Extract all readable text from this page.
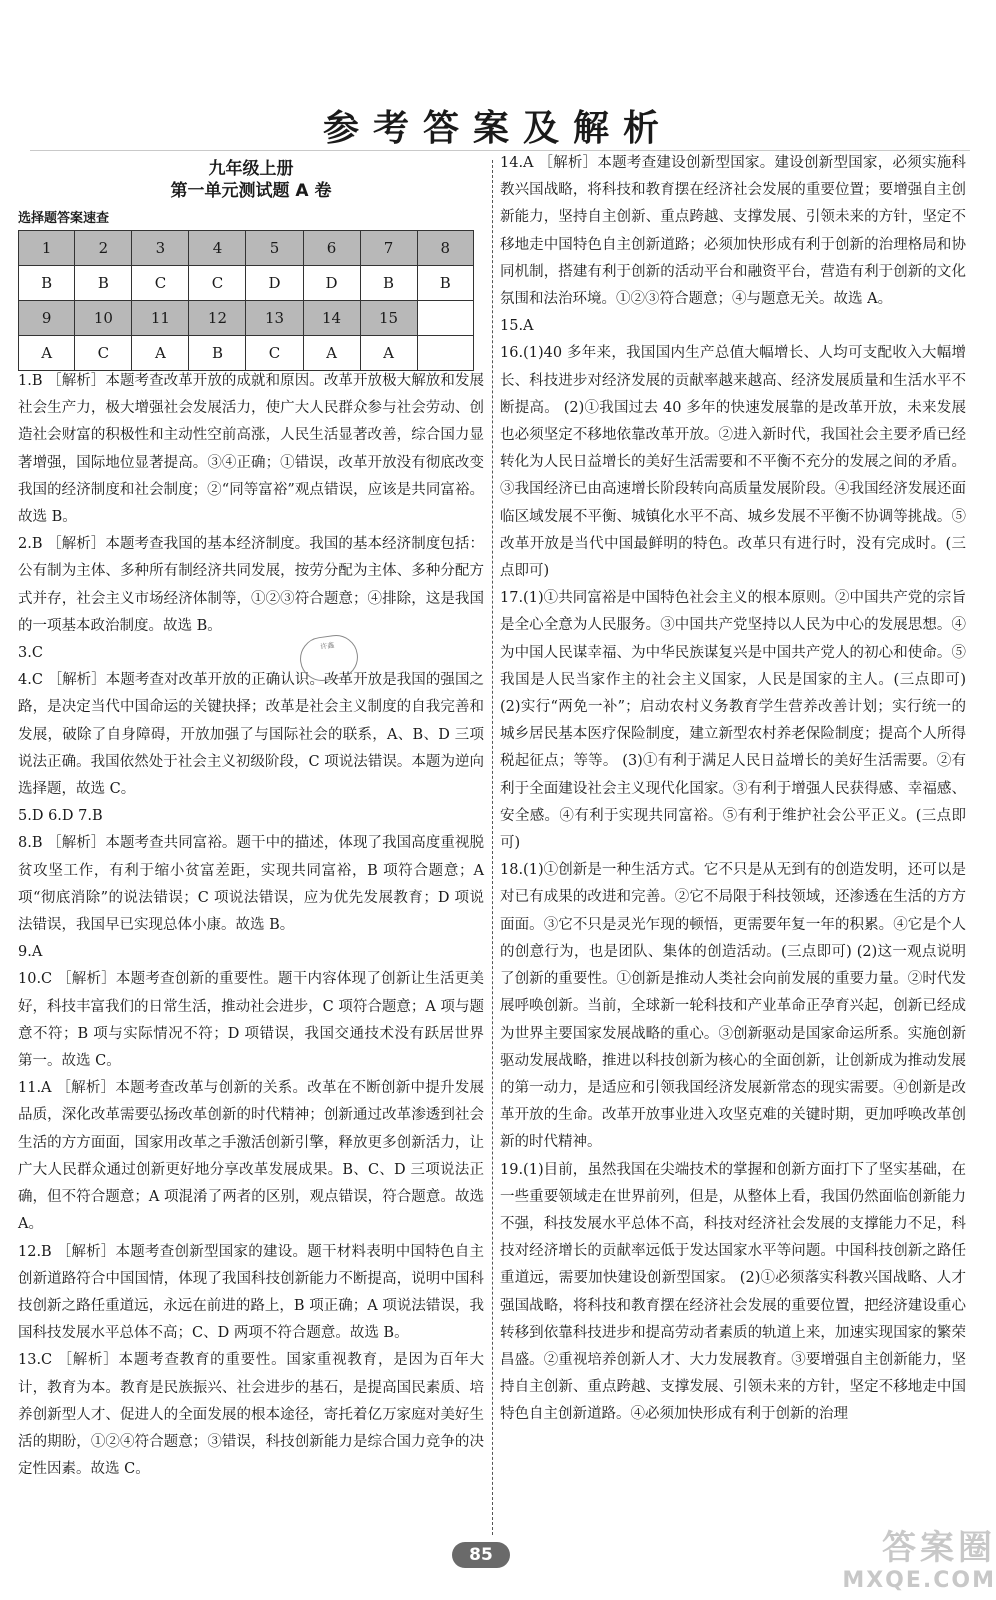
参考答案及解析
九年级上册
第一单元测试题 A 卷
选择题答案速查
1	2	3	4	5	6	7	8
B	B	C	C	D	D	B	B
9	10	11	12	13	14	15	
A	C	A	B	C	A	A	

1.B ［解析］本题考查改革开放的成就和原因。改革开放极大解放和发展社会生产力，极大增强社会发展活力，使广大人民群众参与社会劳动、创造社会财富的积极性和主动性空前高涨，人民生活显著改善，综合国力显著增强，国际地位显著提高。③④正确；①错误，改革开放没有彻底改变我国的经济制度和社会制度；②“同等富裕”观点错误，应该是共同富裕。故选 B。

2.B ［解析］本题考查我国的基本经济制度。我国的基本经济制度包括：公有制为主体、多种所有制经济共同发展，按劳分配为主体、多种分配方式并存，社会主义市场经济体制等，①②③符合题意；④排除，这是我国的一项基本政治制度。故选 B。

3.C

4.C ［解析］本题考查对改革开放的正确认识。改革开放是我国的强国之路，是决定当代中国命运的关键抉择；改革是社会主义制度的自我完善和发展，破除了自身障碍，开放加强了与国际社会的联系，A、B、D 三项说法正确。我国依然处于社会主义初级阶段，C 项说法错误。本题为逆向选择题，故选 C。

5.D 6.D 7.B

8.B ［解析］本题考查共同富裕。题干中的描述，体现了我国高度重视脱贫攻坚工作，有利于缩小贫富差距，实现共同富裕，B 项符合题意；A 项“彻底消除”的说法错误；C 项说法错误，应为优先发展教育；D 项说法错误，我国早已实现总体小康。故选 B。

9.A

10.C ［解析］本题考查创新的重要性。题干内容体现了创新让生活更美好，科技丰富我们的日常生活，推动社会进步，C 项符合题意；A 项与题意不符；B 项与实际情况不符；D 项错误，我国交通技术没有跃居世界第一。故选 C。

11.A ［解析］本题考查改革与创新的关系。改革在不断创新中提升发展品质，深化改革需要弘扬改革创新的时代精神；创新通过改革渗透到社会生活的方方面面，国家用改革之手激活创新引擎，释放更多创新活力，让广大人民群众通过创新更好地分享改革发展成果。B、C、D 三项说法正确，但不符合题意；A 项混淆了两者的区别，观点错误，符合题意。故选 A。

12.B ［解析］本题考查创新型国家的建设。题干材料表明中国特色自主创新道路符合中国国情，体现了我国科技创新能力不断提高，说明中国科技创新之路任重道远，永远在前进的路上，B 项正确；A 项说法错误，我国科技发展水平总体不高；C、D 两项不符合题意。故选 B。

13.C ［解析］本题考查教育的重要性。国家重视教育，是因为百年大计，教育为本。教育是民族振兴、社会进步的基石，是提高国民素质、培养创新型人才、促进人的全面发展的根本途径，寄托着亿万家庭对美好生活的期盼，①②④符合题意；③错误，科技创新能力是综合国力竞争的决定性因素。故选 C。

14.A ［解析］本题考查建设创新型国家。建设创新型国家，必须实施科教兴国战略，将科技和教育摆在经济社会发展的重要位置；要增强自主创新能力，坚持自主创新、重点跨越、支撑发展、引领未来的方针，坚定不移地走中国特色自主创新道路；必须加快形成有利于创新的治理格局和协同机制，搭建有利于创新的活动平台和融资平台，营造有利于创新的文化氛围和法治环境。①②③符合题意；④与题意无关。故选 A。

15.A

16.(1)40 多年来，我国国内生产总值大幅增长、人均可支配收入大幅增长、科技进步对经济发展的贡献率越来越高、经济发展质量和生活水平不断提高。 (2)①我国过去 40 多年的快速发展靠的是改革开放，未来发展也必须坚定不移地依靠改革开放。②进入新时代，我国社会主要矛盾已经转化为人民日益增长的美好生活需要和不平衡不充分的发展之间的矛盾。③我国经济已由高速增长阶段转向高质量发展阶段。④我国经济发展还面临区域发展不平衡、城镇化水平不高、城乡发展不平衡不协调等挑战。⑤改革开放是当代中国最鲜明的特色。改革只有进行时，没有完成时。(三点即可)

17.(1)①共同富裕是中国特色社会主义的根本原则。②中国共产党的宗旨是全心全意为人民服务。③中国共产党坚持以人民为中心的发展思想。④为中国人民谋幸福、为中华民族谋复兴是中国共产党人的初心和使命。⑤我国是人民当家作主的社会主义国家，人民是国家的主人。(三点即可) (2)实行“两免一补”；启动农村义务教育学生营养改善计划；实行统一的城乡居民基本医疗保险制度，建立新型农村养老保险制度；提高个人所得税起征点；等等。 (3)①有利于满足人民日益增长的美好生活需要。②有利于全面建设社会主义现代化国家。③有利于增强人民获得感、幸福感、安全感。④有利于实现共同富裕。⑤有利于维护社会公平正义。(三点即可)

18.(1)①创新是一种生活方式。它不只是从无到有的创造发明，还可以是对已有成果的改进和完善。②它不局限于科技领域，还渗透在生活的方方面面。③它不只是灵光乍现的顿悟，更需要年复一年的积累。④它是个人的创意行为，也是团队、集体的创造活动。(三点即可) (2)这一观点说明了创新的重要性。①创新是推动人类社会向前发展的重要力量。②时代发展呼唤创新。当前，全球新一轮科技和产业革命正孕育兴起，创新已经成为世界主要国家发展战略的重心。③创新驱动是国家命运所系。实施创新驱动发展战略，推进以科技创新为核心的全面创新，让创新成为推动发展的第一动力，是适应和引领我国经济发展新常态的现实需要。④创新是改革开放的生命。改革开放事业进入攻坚克难的关键时期，更加呼唤改革创新的时代精神。

19.(1)目前，虽然我国在尖端技术的掌握和创新方面打下了坚实基础，在一些重要领域走在世界前列，但是，从整体上看，我国仍然面临创新能力不强，科技发展水平总体不高，科技对经济社会发展的支撑能力不足，科技对经济增长的贡献率远低于发达国家水平等问题。中国科技创新之路任重道远，需要加快建设创新型国家。 (2)①必须落实科教兴国战略、人才强国战略，将科技和教育摆在经济社会发展的重要位置，把经济建设重心转移到依靠科技进步和提高劳动者素质的轨道上来，加速实现国家的繁荣昌盛。②重视培养创新人才、大力发展教育。③要增强自主创新能力，坚持自主创新、重点跨越、支撑发展、引领未来的方针，坚定不移地走中国特色自主创新道路。④必须加快形成有利于创新的治理

许鑫
85	答案圈
MXQE.COM
